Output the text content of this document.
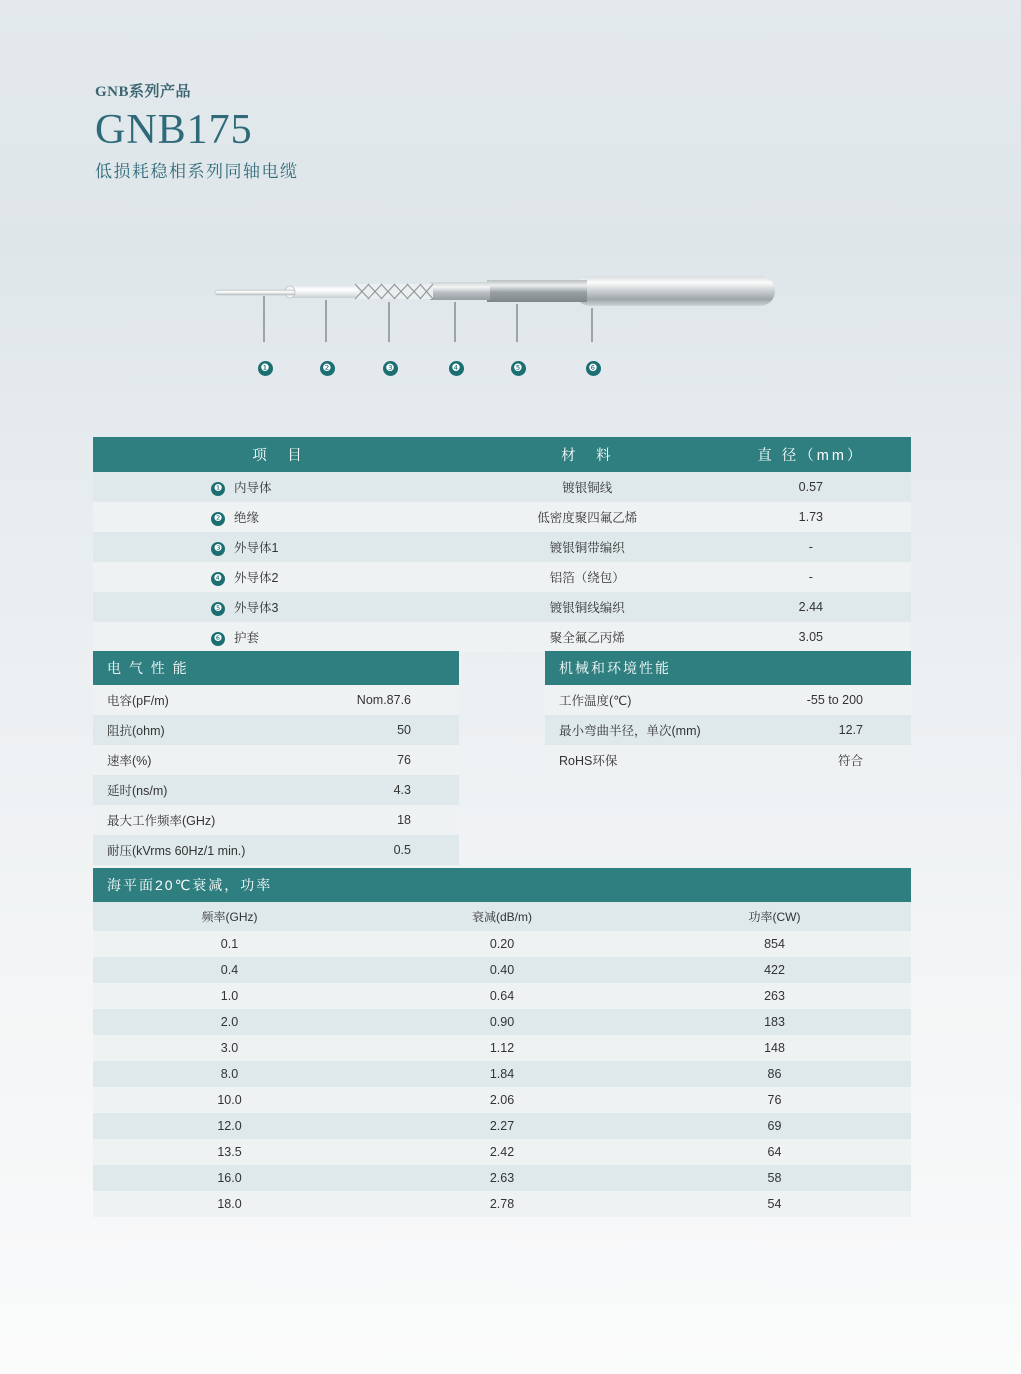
GNB系列产品
GNB175
低损耗稳相系列同轴电缆
❶	❷	❸	❹	❺	❻
项　目	材　料	直 径（mm）
❶ 内导体	镀银铜线	0.57
❷ 绝缘	低密度聚四氟乙烯	1.73
❸ 外导体1	镀银铜带编织	-
❹ 外导体2	铝箔（绕包）	-
❺ 外导体3	镀银铜线编织	2.44
❻ 护套	聚全氟乙丙烯	3.05
电 气 性 能	
电容(pF/m)	Nom.87.6
阻抗(ohm)	50
速率(%)	76
延时(ns/m)	4.3
最大工作频率(GHz)	18
耐压(kVrms 60Hz/1 min.)	0.5
机械和环境性能	
工作温度(℃)	-55 to 200
最小弯曲半径，单次(mm)	12.7
RoHS环保	符合
海平面20℃衰减，功率		
频率(GHz)	衰减(dB/m)	功率(CW)
0.1	0.20	854
0.4	0.40	422
1.0	0.64	263
2.0	0.90	183
3.0	1.12	148
8.0	1.84	86
10.0	2.06	76
12.0	2.27	69
13.5	2.42	64
16.0	2.63	58
18.0	2.78	54
